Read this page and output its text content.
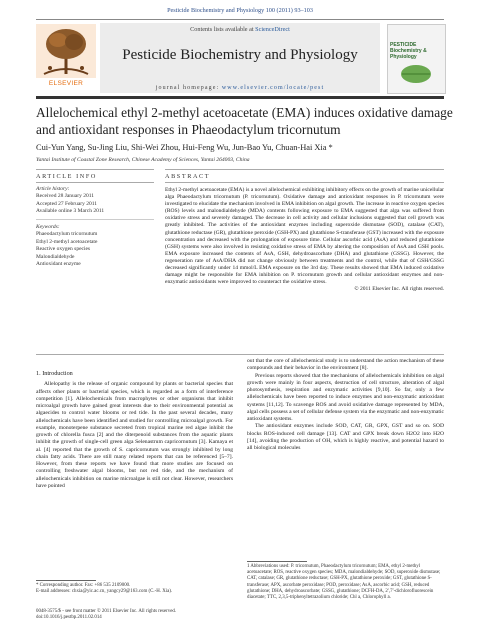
Pesticide Biochemistry and Physiology 100 (2011) 93–103
ELSEVIER
Contents lists available at ScienceDirect
Pesticide Biochemistry and Physiology
journal homepage: www.elsevier.com/locate/pest
PESTICIDE Biochemistry & Physiology
Allelochemical ethyl 2-methyl acetoacetate (EMA) induces oxidative damage and antioxidant responses in Phaeodactylum tricornutum
Cui-Yun Yang, Su-Jing Liu, Shi-Wei Zhou, Hui-Feng Wu, Jun-Bao Yu, Chuan-Hai Xia *
Yantai Institute of Coastal Zone Research, Chinese Academy of Sciences, Yantai 264003, China
ARTICLE INFO
Article history:
Received 28 January 2011
Accepted 27 February 2011
Available online 3 March 2011
Keywords:
Phaeodactylum tricornutum
Ethyl 2-methyl acetoacetate
Reactive oxygen species
Malondialdehyde
Antioxidant enzyme
ABSTRACT
Ethyl 2-methyl acetoacetate (EMA) is a novel allelochemical exhibiting inhibitory effects on the growth of marine unicellular alga Phaeodactylum tricornutum (P. tricornutum). Oxidative damage and antioxidant responses in P. tricornutum were investigated to elucidate the mechanism involved in EMA inhibition on algal growth. The increase in reactive oxygen species (ROS) levels and malondialdehyde (MDA) contents following exposure to EMA suggested that alga was suffered from oxidative stress and severely damaged. The decrease in cell activity and cellular inclusions suggested that cell growth was greatly inhibited. The activities of the antioxidant enzymes including superoxide dismutase (SOD), catalase (CAT), glutathione reductase (GR), glutathione peroxide (GSH-PX) and glutathione S-transferase (GST) increased with the exposure concentration and decreased with the prolongation of exposure time. Cellular ascorbic acid (AsA) and reduced glutathione (GSH) systems were also involved in resisting oxidative stress of EMA by altering the composition of AsA and GSH pools. EMA exposure increased the contents of AsA, GSH, dehydroascorbate (DHA) and glutathione (GSSG). However, the regeneration rate of AsA/DHA did not change obviously between treatments and the control, while that of GSH/GSSG decreased significantly under 14 mmol/L EMA exposure on the 3rd day. These results showed that EMA induced oxidative damage might be responsible for EMA inhibition on P. tricornutum growth and cellular antioxidant enzymes and non-enzymatic antioxidants were improved to counteract the oxidative stress.
© 2011 Elsevier Inc. All rights reserved.
1. Introduction

Allelopathy is the release of organic compound by plants or bacterial species that affects other plants or bacterial species, which is regarded as a form of interference competition [1]. Allelochemicals from macrophytes or other organisms that inhibit microalgal growth have gained great interests due to their environmental potential as algaecides to control water blooms or red tide. In the past several decades, many allelochemicals have been identified and studied for controlling microalgal growth. For example, monoterpene substance secreted from tropical marine red algae inhibit the growth of chlorella fusca [2] and the diterpenoid substances from the aquatic plants inhibit the growth of single-cell green alga Selenastrum capricornutum [3]. Kamaya et al. [4] reported that the growth of S. capricornutum was strongly inhibited by long chain fatty acids. There are still many related reports that can be referenced [5–7]. However, from these reports we have found that more studies are focused on controlling freshwater algal blooms, but not red tide, and the mechanism of allelochemicals inhibition on marine microalgae is still not clear. However, researchers have pointed

out that the core of allelochemical study is to understand the action mechanism of these compounds and their behavior in the environment [8].

Previous reports showed that the mechanisms of allelochemicals inhibition on algal growth were mainly in four aspects, destruction of cell structure, alteration of algal photosynthesis, respiration and enzymatic activities [9,10]. So far, only a few allelochemicals have been reported to induce enzymes and non-enzymatic antioxidant systems [11,12]. To scavenge ROS and avoid oxidative damage represented by MDA, algal cells possess a set of cellular defense system via the enzymatic and non-enzymatic antioxidant systems.

The antioxidant enzymes include SOD, CAT, GR, GPX, GST and so on. SOD blocks ROS-induced cell damage [13]. CAT and GPX break down H2O2 into H2O [14], avoiding the production of OH, which is highly reactive, and potential hazard to all biological molecules

* Corresponding author. Fax: +86 535 2109000.
E-mail addresses: chxia@yic.ac.cn, yangcy29@163.com (C.-H. Xia).
0048-3575/$ - see front matter © 2011 Elsevier Inc. All rights reserved.
doi:10.1016/j.pestbp.2011.02.014
1 Abbreviations used: P. tricornutum, Phaeodactylum tricornutum; EMA, ethyl 2-methyl acetoacetate; ROS, reactive oxygen species; MDA, malondialdehyde; SOD, superoxide dismutase; CAT, catalase; GR, glutathione reductase; GSH-PX, glutathione peroxide; GST, glutathione S-transferase; APX, ascorbate peroxidase; POD, peroxidase; AsA, ascorbic acid; GSH, reduced glutathione; DHA, dehydroascorbate; GSSG, glutathione; DCFH-DA, 2′,7′-dichlorofluorescein diacetate; TTC, 2,3,5-triphenyltetrazolium chloride; Chl a, Chlorophyll a.
